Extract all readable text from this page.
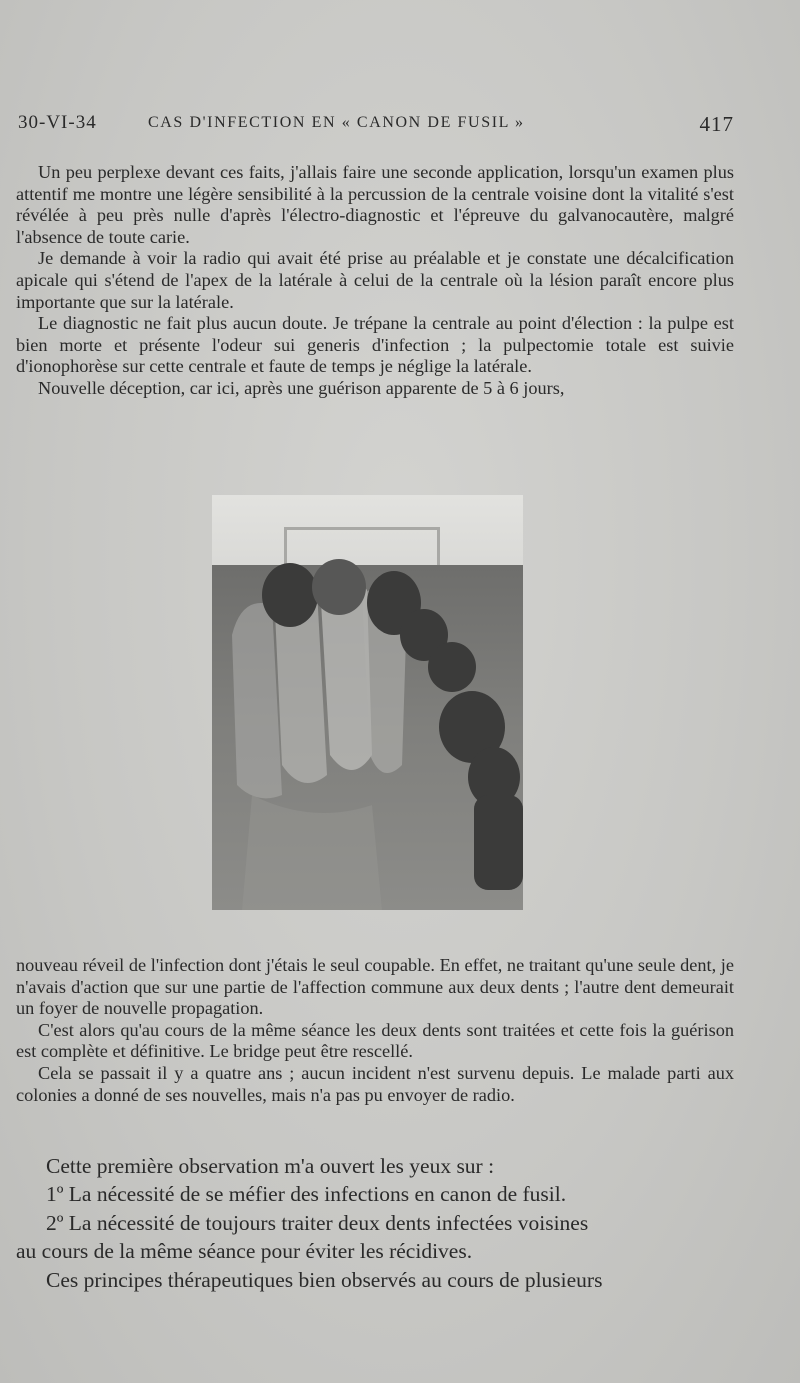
30-VI-34	CAS D'INFECTION EN « CANON DE FUSIL »	417

Un peu perplexe devant ces faits, j'allais faire une seconde application, lorsqu'un examen plus attentif me montre une légère sensibilité à la percussion de la centrale voisine dont la vitalité s'est révélée à peu près nulle d'après l'électro-diagnostic et l'épreuve du galvanocautère, malgré l'absence de toute carie.

Je demande à voir la radio qui avait été prise au préalable et je constate une décalcification apicale qui s'étend de l'apex de la latérale à celui de la centrale où la lésion paraît encore plus importante que sur la latérale.

Le diagnostic ne fait plus aucun doute. Je trépane la centrale au point d'élection : la pulpe est bien morte et présente l'odeur sui generis d'infection ; la pulpectomie totale est suivie d'ionophorèse sur cette centrale et faute de temps je néglige la latérale.

Nouvelle déception, car ici, après une guérison apparente de 5 à 6 jours,

nouveau réveil de l'infection dont j'étais le seul coupable. En effet, ne traitant qu'une seule dent, je n'avais d'action que sur une partie de l'affection commune aux deux dents ; l'autre dent demeurait un foyer de nouvelle propagation.

C'est alors qu'au cours de la même séance les deux dents sont traitées et cette fois la guérison est complète et définitive. Le bridge peut être rescellé.

Cela se passait il y a quatre ans ; aucun incident n'est survenu depuis. Le malade parti aux colonies a donné de ses nouvelles, mais n'a pas pu envoyer de radio.

Cette première observation m'a ouvert les yeux sur :

1º La nécessité de se méfier des infections en canon de fusil.

2º La nécessité de toujours traiter deux dents infectées voisines

au cours de la même séance pour éviter les récidives.

Ces principes thérapeutiques bien observés au cours de plusieurs
